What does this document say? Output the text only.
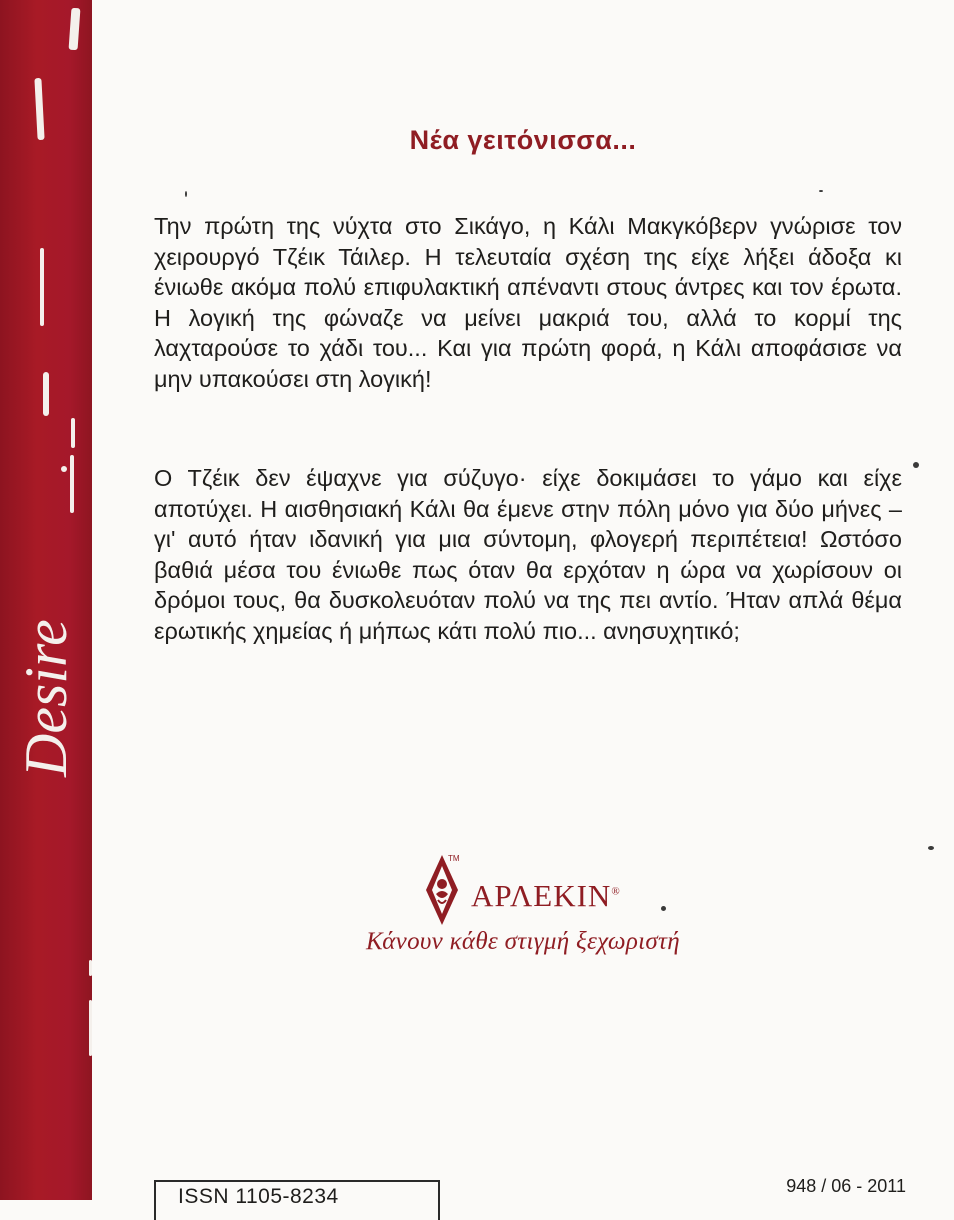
Desire
Νέα γειτόνισσα...

Την πρώτη της νύχτα στο Σικάγο, η Κάλι Μακγκόβερν γνώρισε τον χειρουργό Τζέικ Τάιλερ. Η τελευταία σχέση της είχε λήξει άδοξα κι ένιωθε ακόμα πολύ επιφυλακτική απέναντι στους άντρες και τον έρωτα. Η λογική της φώναζε να μείνει μακριά του, αλλά το κορμί της λαχταρούσε το χάδι του... Και για πρώτη φορά, η Κάλι αποφάσισε να μην υπακούσει στη λογική!

Ο Τζέικ δεν έψαχνε για σύζυγο· είχε δοκιμάσει το γάμο και είχε αποτύχει. Η αισθησιακή Κάλι θα έμενε στην πόλη μόνο για δύο μήνες –γι' αυτό ήταν ιδανική για μια σύντομη, φλογερή περιπέτεια! Ωστόσο βαθιά μέσα του ένιωθε πως όταν θα ερχόταν η ώρα να χωρίσουν οι δρόμοι τους, θα δυσκολευόταν πολύ να της πει αντίο. Ήταν απλά θέμα ερωτικής χημείας ή μήπως κάτι πολύ πιο... ανησυχητικό;

TM
ΑΡΛΕΚΙΝ®
Κάνουν κάθε στιγμή ξεχωριστή
ISSN 1105-8234	948 / 06 - 2011
